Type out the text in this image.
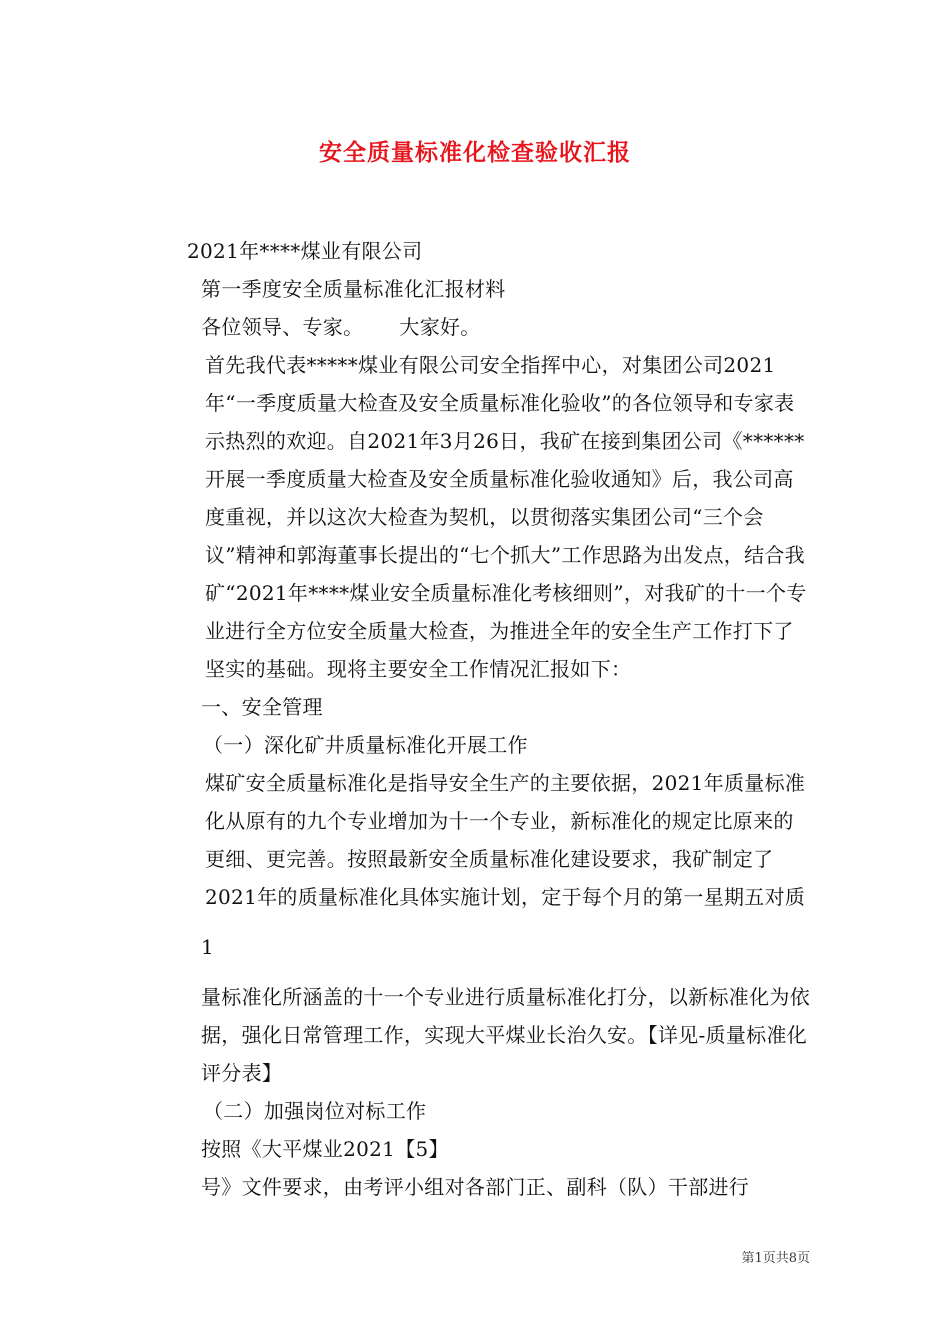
安全质量标准化检查验收汇报

2021年****煤业有限公司

第一季度安全质量标准化汇报材料

各位领导、专家。 大家好。

首先我代表*****煤业有限公司安全指挥中心，对集团公司2021年“一季度质量大检查及安全质量标准化验收”的各位领导和专家表示热烈的欢迎。自2021年3月26日，我矿在接到集团公司《******开展一季度质量大检查及安全质量标准化验收通知》后，我公司高度重视，并以这次大检查为契机，以贯彻落实集团公司“三个会议”精神和郭海董事长提出的“七个抓大”工作思路为出发点，结合我矿“2021年****煤业安全质量标准化考核细则”，对我矿的十一个专业进行全方位安全质量大检查，为推进全年的安全生产工作打下了坚实的基础。现将主要安全工作情况汇报如下：

一、安全管理

（一）深化矿井质量标准化开展工作

煤矿安全质量标准化是指导安全生产的主要依据，2021年质量标准化从原有的九个专业增加为十一个专业，新标准化的规定比原来的更细、更完善。按照最新安全质量标准化建设要求，我矿制定了2021年的质量标准化具体实施计划，定于每个月的第一星期五对质

1

量标准化所涵盖的十一个专业进行质量标准化打分，以新标准化为依据，强化日常管理工作，实现大平煤业长治久安。【详见-质量标准化评分表】

（二）加强岗位对标工作

按照《大平煤业2021【5】

号》文件要求，由考评小组对各部门正、副科（队）干部进行

第1页共8页
